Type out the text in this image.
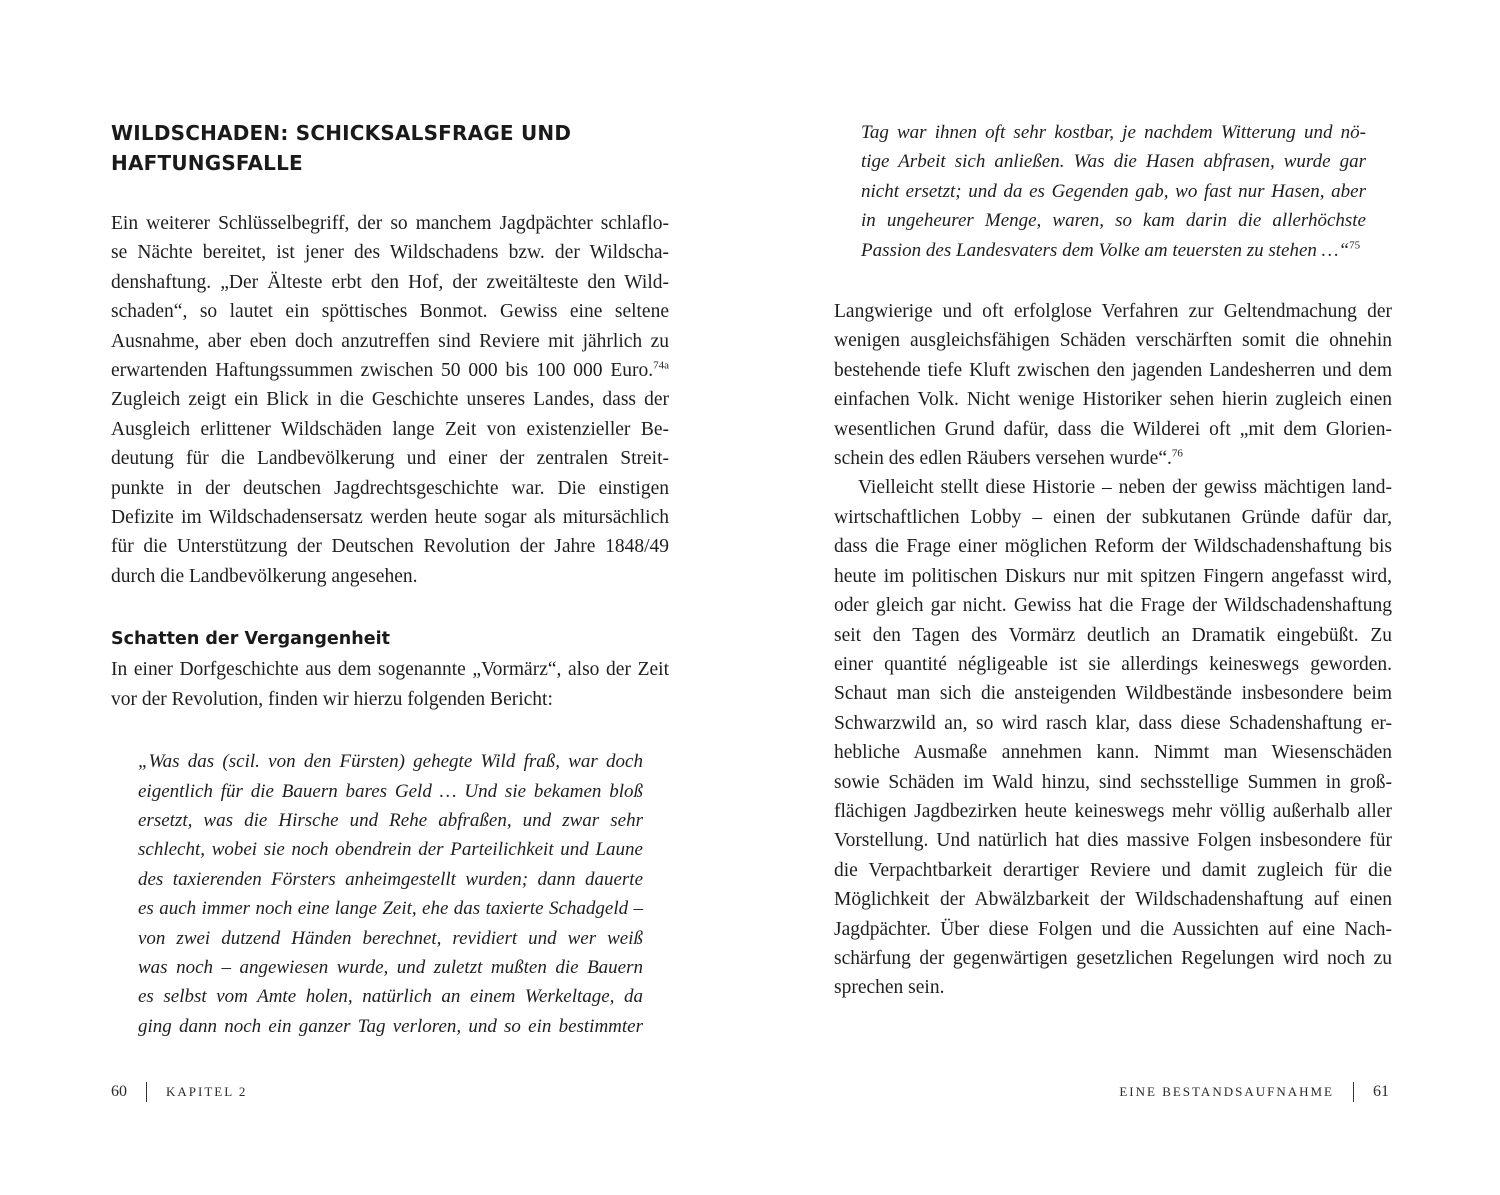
WILDSCHADEN: SCHICKSALSFRAGE UND
HAFTUNGSFALLE
Ein weiterer Schlüsselbegriff, der so manchem Jagdpächter schlaflo-
se Nächte bereitet, ist jener des Wildschadens bzw. der Wildscha-
denshaftung. „Der Älteste erbt den Hof, der zweitälteste den Wild-
schaden“, so lautet ein spöttisches Bonmot. Gewiss eine seltene
Ausnahme, aber eben doch anzutreffen sind Reviere mit jährlich zu
erwartenden Haftungssummen zwischen 50 000 bis 100 000 Euro.$^{74a}$
Zugleich zeigt ein Blick in die Geschichte unseres Landes, dass der
Ausgleich erlittener Wildschäden lange Zeit von existenzieller Be-
deutung für die Landbevölkerung und einer der zentralen Streit-
punkte in der deutschen Jagdrechtsgeschichte war. Die einstigen
Defizite im Wildschadensersatz werden heute sogar als mitursächlich
für die Unterstützung der Deutschen Revolution der Jahre 1848/49
durch die Landbevölkerung angesehen.
Schatten der Vergangenheit
In einer Dorfgeschichte aus dem sogenannte „Vormärz“, also der Zeit
vor der Revolution, finden wir hierzu folgenden Bericht:
„Was das (scil. von den Fürsten) gehegte Wild fraß, war doch
eigentlich für die Bauern bares Geld … Und sie bekamen bloß
ersetzt, was die Hirsche und Rehe abfraßen, und zwar sehr
schlecht, wobei sie noch obendrein der Parteilichkeit und Laune
des taxierenden Försters anheimgestellt wurden; dann dauerte
es auch immer noch eine lange Zeit, ehe das taxierte Schadgeld –
von zwei dutzend Händen berechnet, revidiert und wer weiß
was noch – angewiesen wurde, und zuletzt mußten die Bauern
es selbst vom Amte holen, natürlich an einem Werkeltage, da
ging dann noch ein ganzer Tag verloren, und so ein bestimmter
60	KAPITEL 2
Tag war ihnen oft sehr kostbar, je nachdem Witterung und nö-
tige Arbeit sich anließen. Was die Hasen abfrasen, wurde gar
nicht ersetzt; und da es Gegenden gab, wo fast nur Hasen, aber
in ungeheurer Menge, waren, so kam darin die allerhöchste
Passion des Landesvaters dem Volke am teuersten zu stehen …“$^{75}$
Langwierige und oft erfolglose Verfahren zur Geltendmachung der
wenigen ausgleichsfähigen Schäden verschärften somit die ohnehin
bestehende tiefe Kluft zwischen den jagenden Landesherren und dem
einfachen Volk. Nicht wenige Historiker sehen hierin zugleich einen
wesentlichen Grund dafür, dass die Wilderei oft „mit dem Glorien-
schein des edlen Räubers versehen wurde“.$^{76}$
Vielleicht stellt diese Historie – neben der gewiss mächtigen land-
wirtschaftlichen Lobby – einen der subkutanen Gründe dafür dar,
dass die Frage einer möglichen Reform der Wildschadenshaftung bis
heute im politischen Diskurs nur mit spitzen Fingern angefasst wird,
oder gleich gar nicht. Gewiss hat die Frage der Wildschadenshaftung
seit den Tagen des Vormärz deutlich an Dramatik eingebüßt. Zu
einer quantité négligeable ist sie allerdings keineswegs geworden.
Schaut man sich die ansteigenden Wildbestände insbesondere beim
Schwarzwild an, so wird rasch klar, dass diese Schadenshaftung er-
hebliche Ausmaße annehmen kann. Nimmt man Wiesenschäden
sowie Schäden im Wald hinzu, sind sechsstellige Summen in groß-
flächigen Jagdbezirken heute keineswegs mehr völlig außerhalb aller
Vorstellung. Und natürlich hat dies massive Folgen insbesondere für
die Verpachtbarkeit derartiger Reviere und damit zugleich für die
Möglichkeit der Abwälzbarkeit der Wildschadenshaftung auf einen
Jagdpächter. Über diese Folgen und die Aussichten auf eine Nach-
schärfung der gegenwärtigen gesetzlichen Regelungen wird noch zu
sprechen sein.
EINE BESTANDSAUFNAHME 61
